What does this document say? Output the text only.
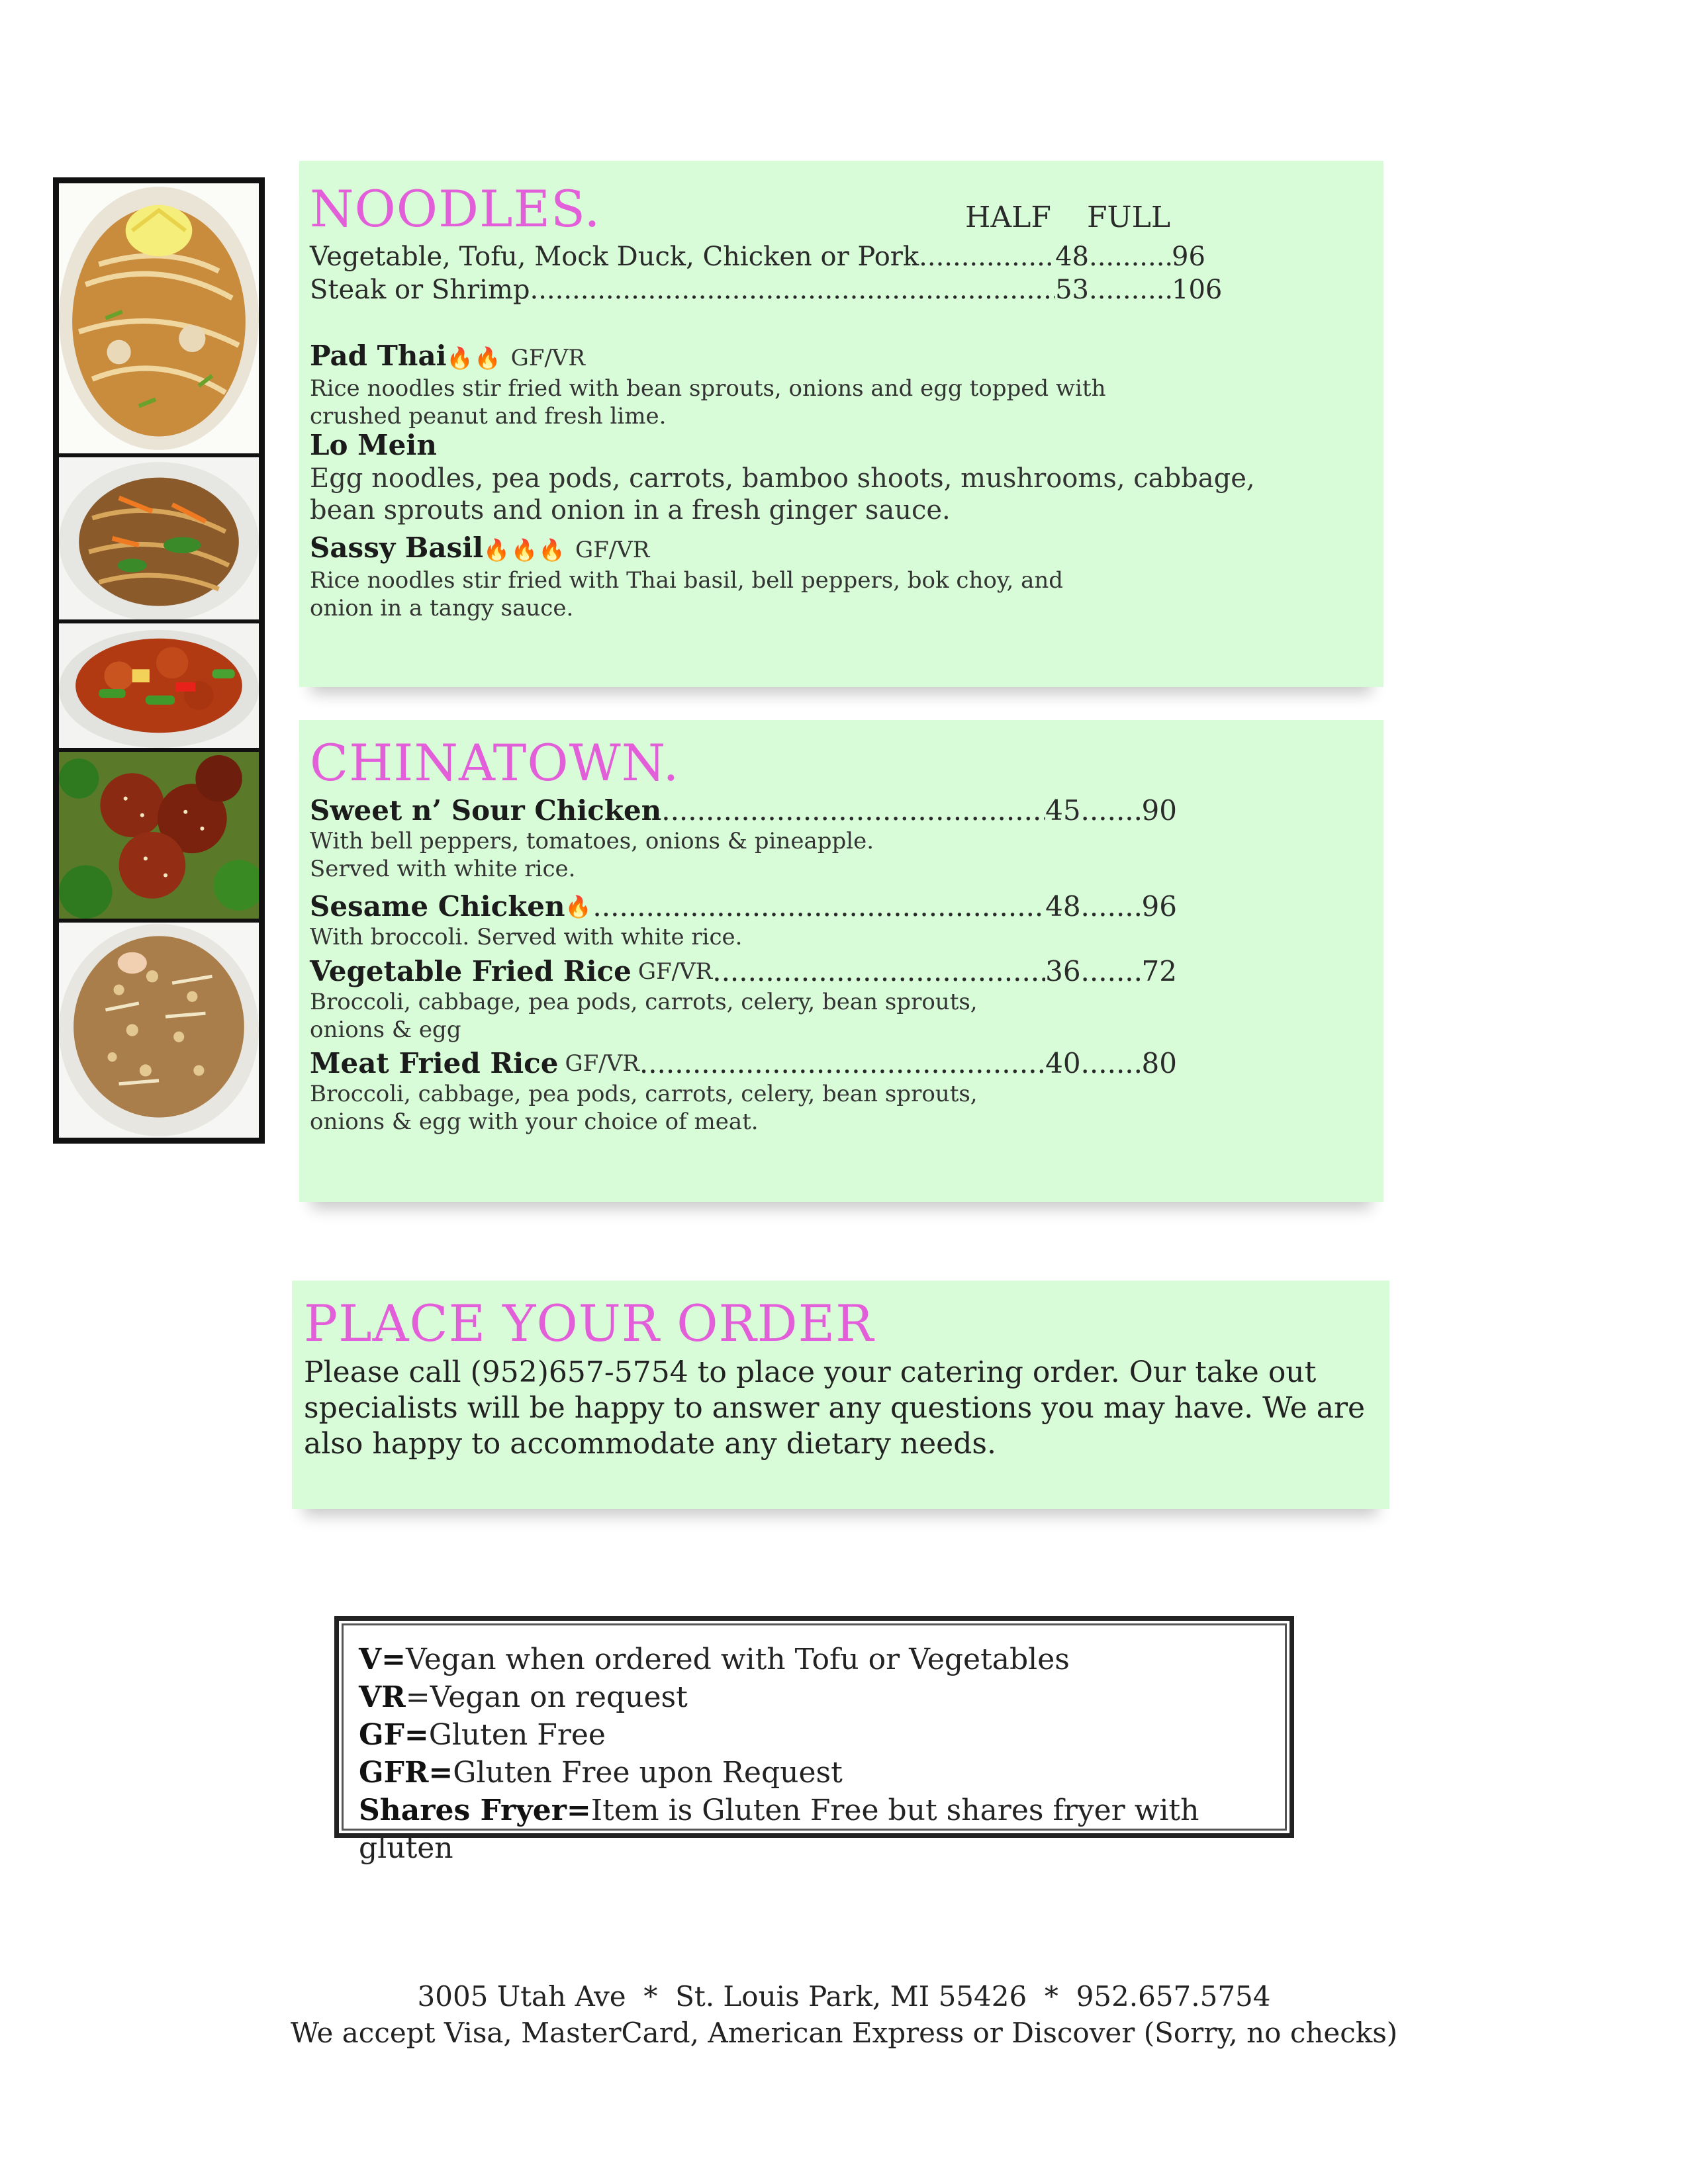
NOODLES.	HALF FULL
Vegetable, Tofu, Mock Duck, Chicken or Pork .....	48 .....	96
Steak or Shrimp .....	53 .....	106
Pad Thai🔥🔥 GF/VR
Rice noodles stir fried with bean sprouts, onions and egg topped with crushed peanut and fresh lime.
Lo Mein
Egg noodles, pea pods, carrots, bamboo shoots, mushrooms, cabbage, bean sprouts and onion in a fresh ginger sauce.
Sassy Basil🔥🔥🔥 GF/VR
Rice noodles stir fried with Thai basil, bell peppers, bok choy, and onion in a tangy sauce.
CHINATOWN.
Sweet n’ Sour Chicken .....	45 ..... 90
With bell peppers, tomatoes, onions & pineapple. Served with white rice.
Sesame Chicken 🔥 .....	48 ..... 96
With broccoli. Served with white rice.
Vegetable Fried Rice GF/VR .....	36 ..... 72
Broccoli, cabbage, pea pods, carrots, celery, bean sprouts, onions & egg
Meat Fried Rice GF/VR .....	40 ..... 80
Broccoli, cabbage, pea pods, carrots, celery, bean sprouts, onions & egg with your choice of meat.
PLACE YOUR ORDER
Please call (952)657-5754 to place your catering order. Our take out specialists will be happy to answer any questions you may have. We are also happy to accommodate any dietary needs.
V=Vegan when ordered with Tofu or Vegetables
VR=Vegan on request
GF=Gluten Free
GFR=Gluten Free upon Request
Shares Fryer=Item is Gluten Free but shares fryer with gluten
3005 Utah Ave  *  St. Louis Park, MI 55426  *  952.657.5754
We accept Visa, MasterCard, American Express or Discover (Sorry, no checks)
